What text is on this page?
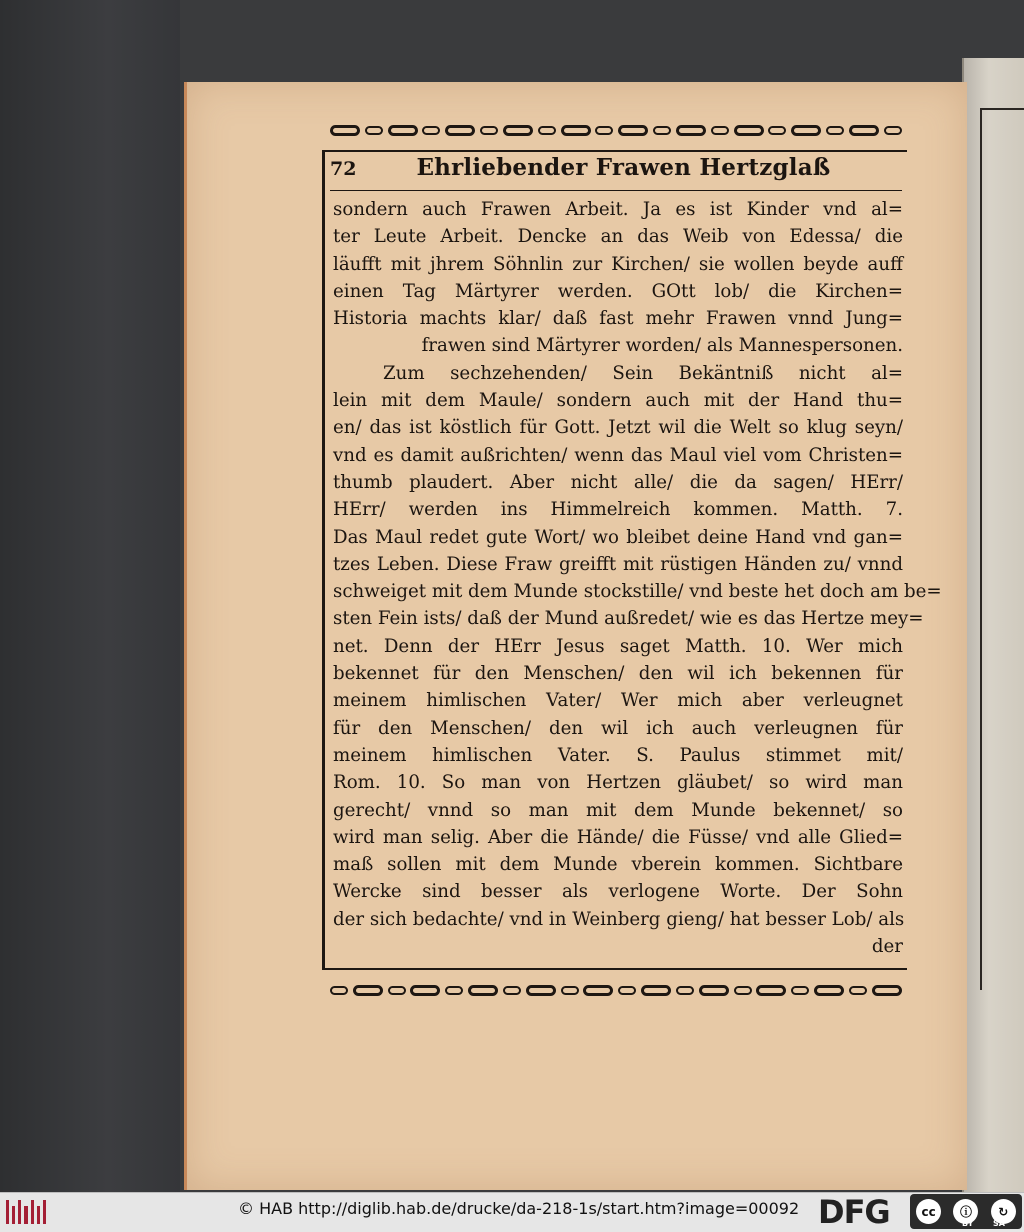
72	Ehrliebender Frawen Hertzglaß
sondern auch Frawen Arbeit. Ja es ist Kinder vnd al=
ter Leute Arbeit. Dencke an das Weib von Edessa/ die
läufft mit jhrem Söhnlin zur Kirchen/ sie wollen beyde auff
einen Tag Märtyrer werden. GOtt lob/ die Kirchen=
Historia machts klar/ daß fast mehr Frawen vnnd Jung=
frawen sind Märtyrer worden/ als Mannespersonen.
Zum sechzehenden/ Sein Bekäntniß nicht al=
lein mit dem Maule/ sondern auch mit der Hand thu=
en/ das ist köstlich für Gott. Jetzt wil die Welt so klug seyn/
vnd es damit außrichten/ wenn das Maul viel vom Christen=
thumb plaudert. Aber nicht alle/ die da sagen/ HErr/
HErr/ werden ins Himmelreich kommen. Matth. 7.
Das Maul redet gute Wort/ wo bleibet deine Hand vnd gan=
tzes Leben. Diese Fraw greifft mit rüstigen Händen zu/ vnnd
schweiget mit dem Munde stockstille/ vnd beste het doch am be=
sten Fein ists/ daß der Mund außredet/ wie es das Hertze mey=
net. Denn der HErr Jesus saget Matth. 10. Wer mich
bekennet für den Menschen/ den wil ich bekennen für
meinem himlischen Vater/ Wer mich aber verleugnet
für den Menschen/ den wil ich auch verleugnen für
meinem himlischen Vater. S. Paulus stimmet mit/
Rom. 10. So man von Hertzen gläubet/ so wird man
gerecht/ vnnd so man mit dem Munde bekennet/ so
wird man selig. Aber die Hände/ die Füsse/ vnd alle Glied=
maß sollen mit dem Munde vberein kommen. Sichtbare
Wercke sind besser als verlogene Worte. Der Sohn
der sich bedachte/ vnd in Weinberg gieng/ hat besser Lob/ als
der
© HAB http://diglib.hab.de/drucke/da-218-1s/start.htm?image=00092 DFG	cc	ⓘ	↻
BY SA
